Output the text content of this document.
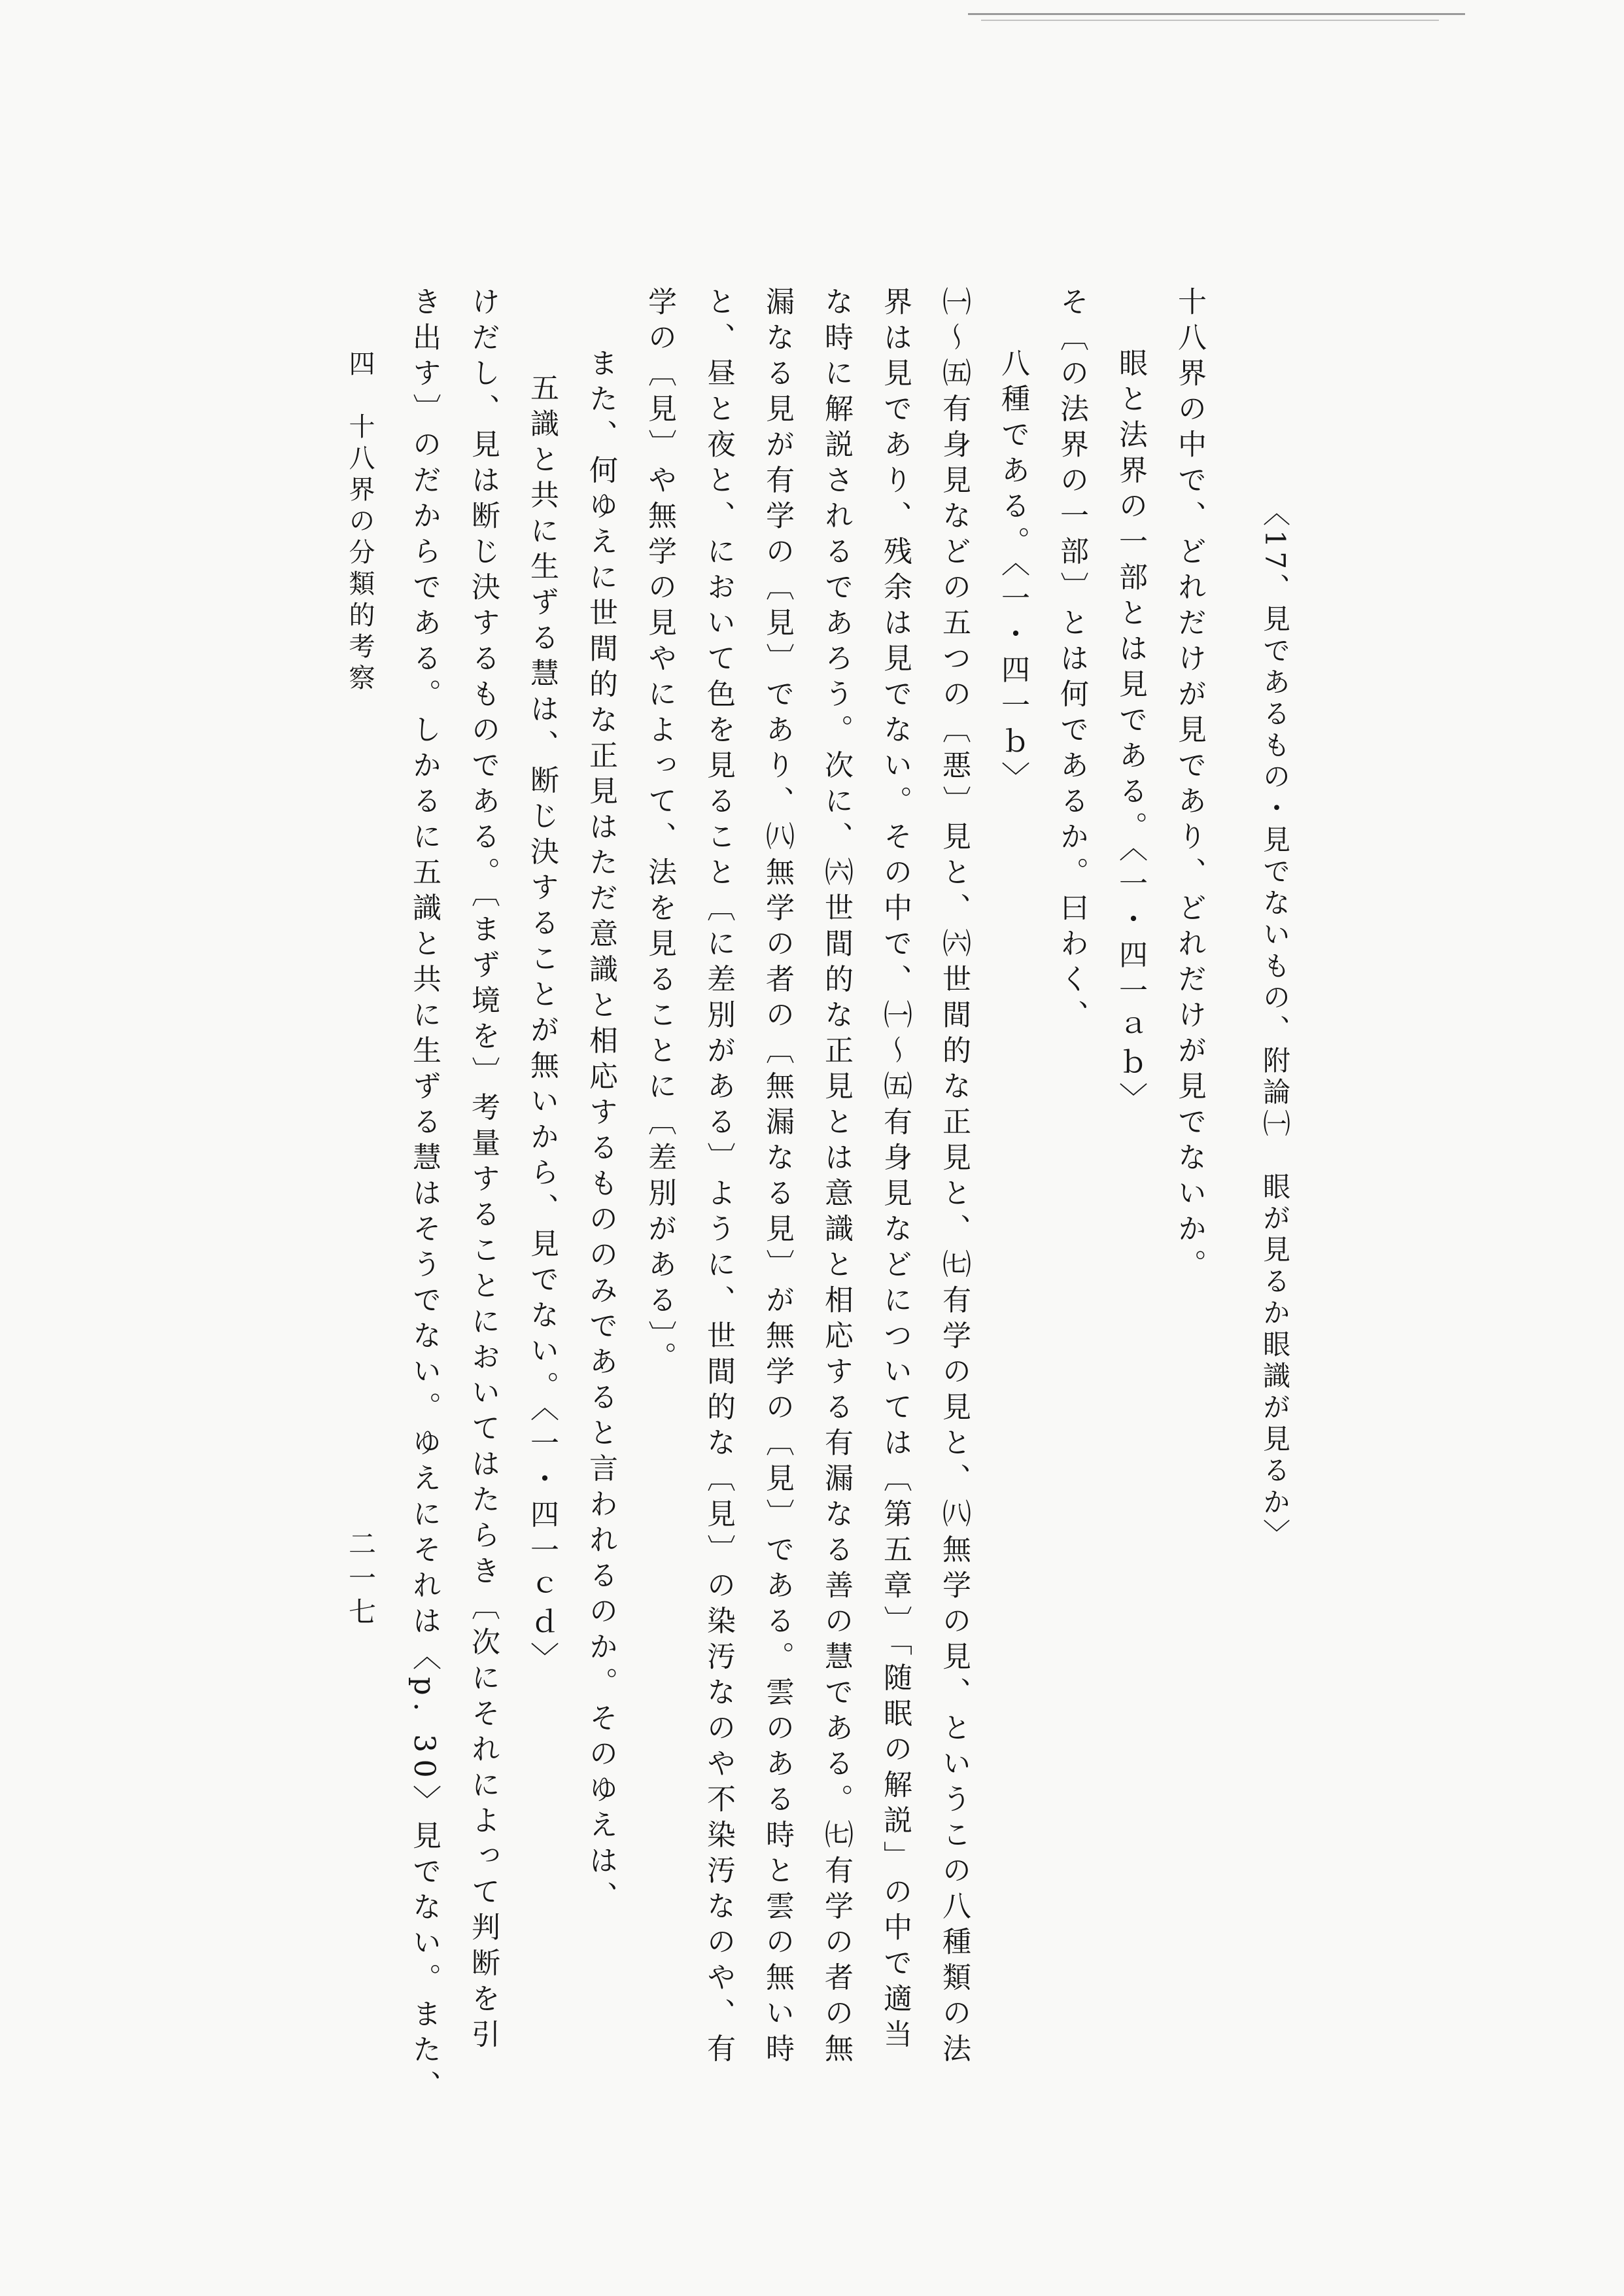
〈17、見であるもの・見でないもの、附論㈠　眼が見るか眼識が見るか〉
十八界の中で、どれだけが見であり、どれだけが見でないか。
眼と法界の一部とは見である。〈一・四一ａｂ〉
そ〔の法界の一部〕とは何であるか。曰わく、
八種である。〈一・四一ｂ〉
㈠〜㈤有身見などの五つの〔悪〕見と、㈥世間的な正見と、㈦有学の見と、㈧無学の見、というこの八種類の法
界は見であり、残余は見でない。その中で、㈠〜㈤有身見などについては〔第五章〕「随眠の解説」の中で適当
な時に解説されるであろう。次に、㈥世間的な正見とは意識と相応する有漏なる善の慧である。㈦有学の者の無
漏なる見が有学の〔見〕であり、㈧無学の者の〔無漏なる見〕が無学の〔見〕である。雲のある時と雲の無い時
と、昼と夜と、において色を見ること〔に差別がある〕ように、世間的な〔見〕の染汚なのや不染汚なのや、有
学の〔見〕や無学の見やによって、法を見ることに〔差別がある〕。
また、何ゆえに世間的な正見はただ意識と相応するもののみであると言われるのか。そのゆえは、
五識と共に生ずる慧は、断じ決することが無いから、見でない。〈一・四一ｃｄ〉
けだし、見は断じ決するものである。〔まず境を〕考量することにおいてはたらき〔次にそれによって判断を引
き出す〕のだからである。しかるに五識と共に生ずる慧はそうでない。ゆえにそれは〈p. 30〉見でない。また、
四　十八界の分類的考察
二一七
